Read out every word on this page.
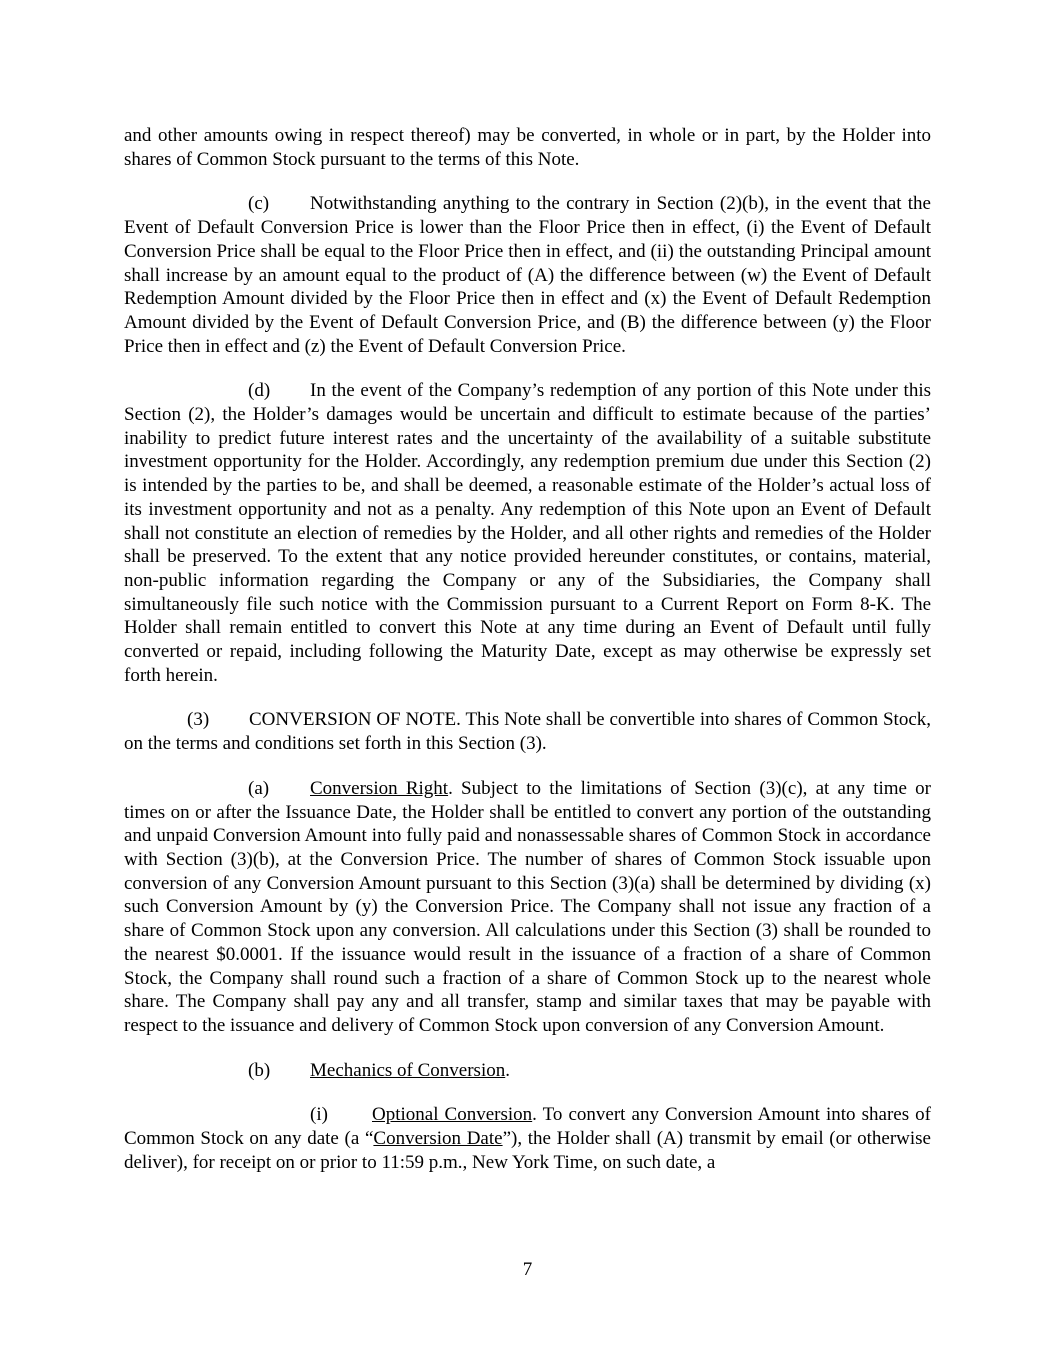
and other amounts owing in respect thereof) may be converted, in whole or in part, by the Holder into shares of Common Stock pursuant to the terms of this Note.

(c) Notwithstanding anything to the contrary in Section (2)(b), in the event that the Event of Default Conversion Price is lower than the Floor Price then in effect, (i) the Event of Default Conversion Price shall be equal to the Floor Price then in effect, and (ii) the outstanding Principal amount shall increase by an amount equal to the product of (A) the difference between (w) the Event of Default Redemption Amount divided by the Floor Price then in effect and (x) the Event of Default Redemption Amount divided by the Event of Default Conversion Price, and (B) the difference between (y) the Floor Price then in effect and (z) the Event of Default Conversion Price.

(d) In the event of the Company’s redemption of any portion of this Note under this Section (2), the Holder’s damages would be uncertain and difficult to estimate because of the parties’ inability to predict future interest rates and the uncertainty of the availability of a suitable substitute investment opportunity for the Holder. Accordingly, any redemption premium due under this Section (2) is intended by the parties to be, and shall be deemed, a reasonable estimate of the Holder’s actual loss of its investment opportunity and not as a penalty. Any redemption of this Note upon an Event of Default shall not constitute an election of remedies by the Holder, and all other rights and remedies of the Holder shall be preserved. To the extent that any notice provided hereunder constitutes, or contains, material, non-public information regarding the Company or any of the Subsidiaries, the Company shall simultaneously file such notice with the Commission pursuant to a Current Report on Form 8-K. The Holder shall remain entitled to convert this Note at any time during an Event of Default until fully converted or repaid, including following the Maturity Date, except as may otherwise be expressly set forth herein.

(3) CONVERSION OF NOTE. This Note shall be convertible into shares of Common Stock, on the terms and conditions set forth in this Section (3).

(a) Conversion Right. Subject to the limitations of Section (3)(c), at any time or times on or after the Issuance Date, the Holder shall be entitled to convert any portion of the outstanding and unpaid Conversion Amount into fully paid and nonassessable shares of Common Stock in accordance with Section (3)(b), at the Conversion Price. The number of shares of Common Stock issuable upon conversion of any Conversion Amount pursuant to this Section (3)(a) shall be determined by dividing (x) such Conversion Amount by (y) the Conversion Price. The Company shall not issue any fraction of a share of Common Stock upon any conversion. All calculations under this Section (3) shall be rounded to the nearest $0.0001. If the issuance would result in the issuance of a fraction of a share of Common Stock, the Company shall round such a fraction of a share of Common Stock up to the nearest whole share. The Company shall pay any and all transfer, stamp and similar taxes that may be payable with respect to the issuance and delivery of Common Stock upon conversion of any Conversion Amount.

(b) Mechanics of Conversion.

(i) Optional Conversion. To convert any Conversion Amount into shares of Common Stock on any date (a “Conversion Date”), the Holder shall (A) transmit by email (or otherwise deliver), for receipt on or prior to 11:59 p.m., New York Time, on such date, a

7
